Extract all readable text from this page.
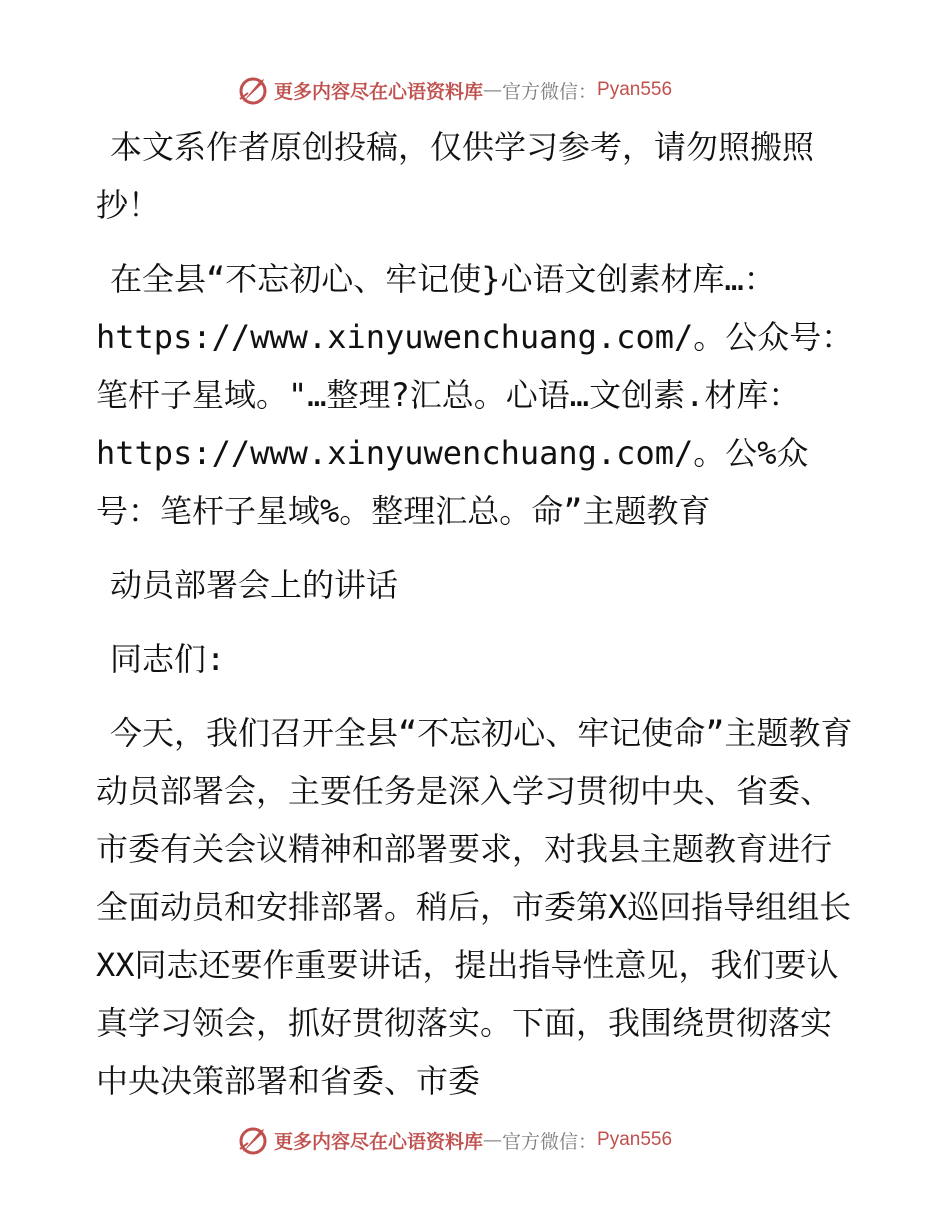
更多内容尽在心语资料库 — 官方微信： Pyan556

本文系作者原创投稿，仅供学习参考，请勿照搬照抄！

在全县“不忘初心、牢记使}心语文创素材库…：https://www.xinyuwenchuang.com/。公众号：笔杆子星域。"…整理?汇总。心语…文创素.材库：https://www.xinyuwenchuang.com/。公%众号：笔杆子星域%。整理汇总。命”主题教育

动员部署会上的讲话

同志们:

今天，我们召开全县“不忘初心、牢记使命”主题教育动员部署会，主要任务是深入学习贯彻中央、省委、市委有关会议精神和部署要求，对我县主题教育进行全面动员和安排部署。稍后，市委第X巡回指导组组长XX同志还要作重要讲话，提出指导性意见，我们要认真学习领会，抓好贯彻落实。下面，我围绕贯彻落实中央决策部署和省委、市委

更多内容尽在心语资料库 — 官方微信： Pyan556
